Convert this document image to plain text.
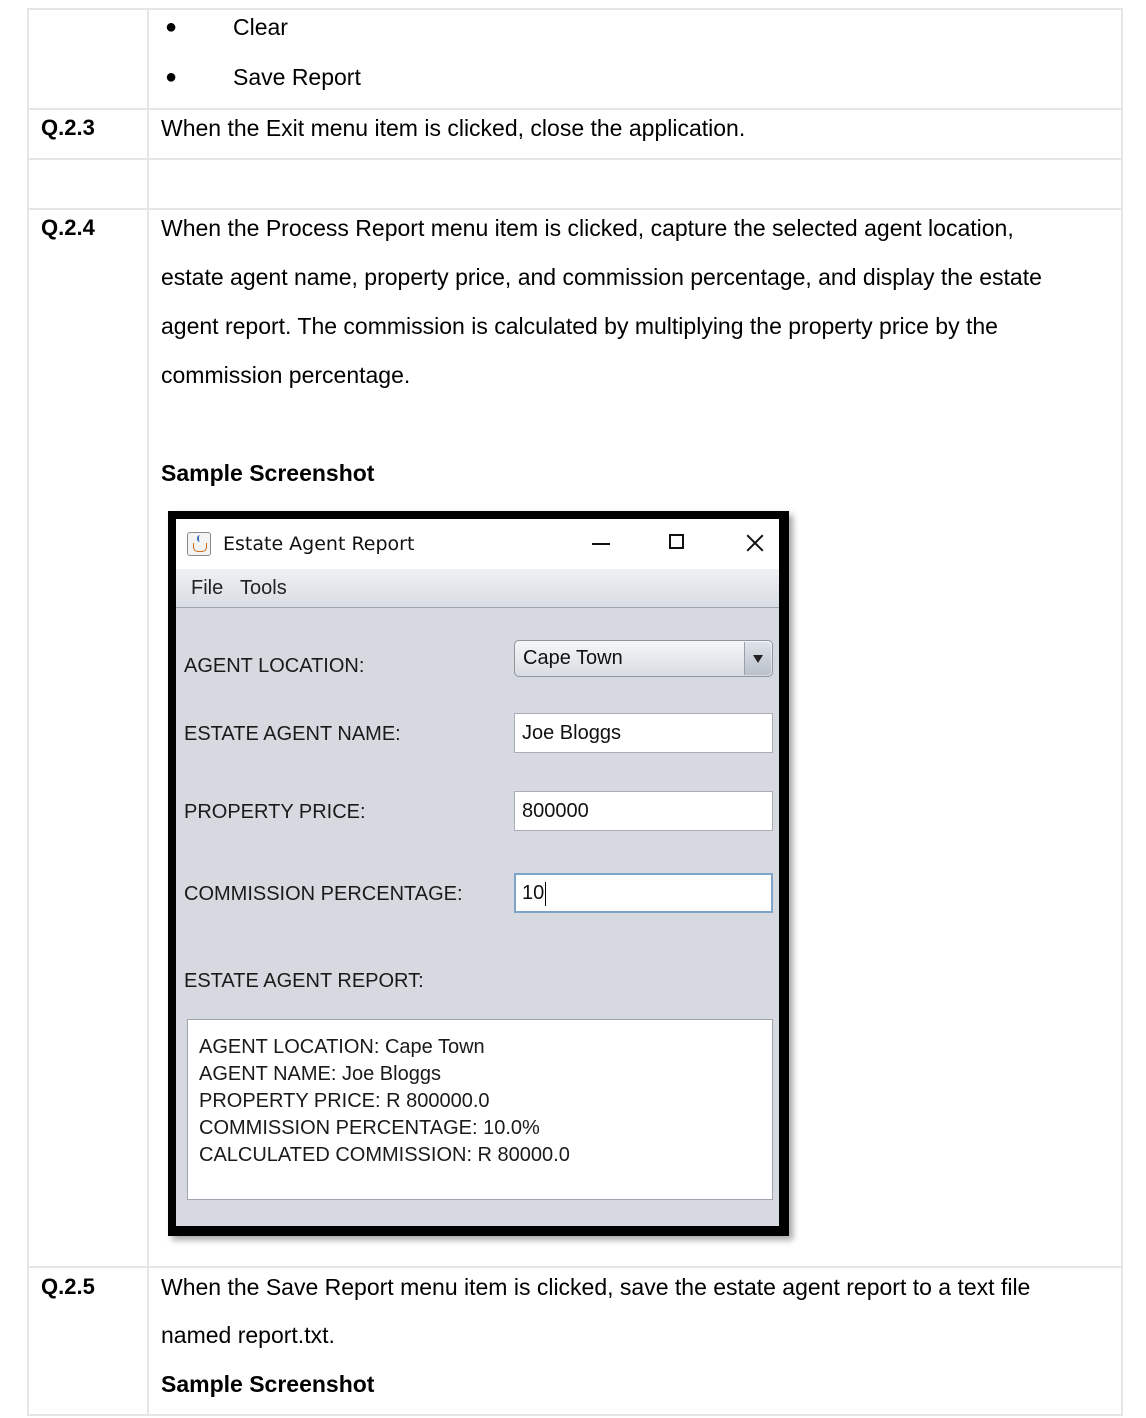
● Clear
● Save Report
Q.2.3	When the Exit menu item is clicked, close the application.
Q.2.4	When the Process Report menu item is clicked, capture the selected agent location,
estate agent name, property price, and commission percentage, and display the estate
agent report. The commission is calculated by multiplying the property price by the
commission percentage.
Sample Screenshot
Estate Agent Report
File Tools
AGENT LOCATION:	Cape Town
ESTATE AGENT NAME:	Joe Bloggs
PROPERTY PRICE:	800000
COMMISSION PERCENTAGE:	10
ESTATE AGENT REPORT:
AGENT LOCATION: Cape Town
AGENT NAME: Joe Bloggs
PROPERTY PRICE: R 800000.0
COMMISSION PERCENTAGE: 10.0%
CALCULATED COMMISSION: R 80000.0
Q.2.5	When the Save Report menu item is clicked, save the estate agent report to a text file
named report.txt.
Sample Screenshot
